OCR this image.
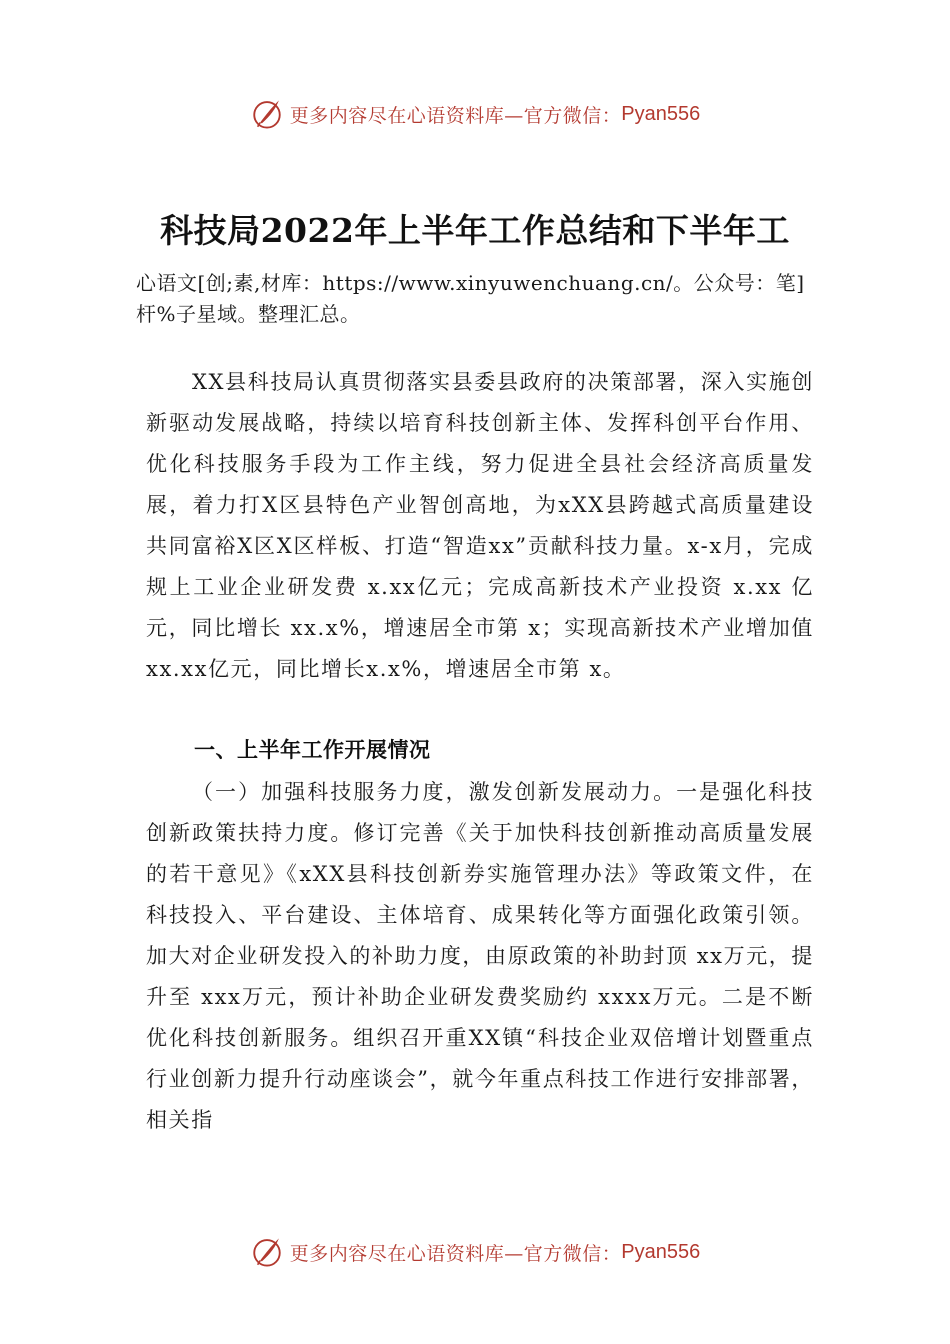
更多内容尽在心语资料库—官方微信： Pyan556
科技局2022年上半年工作总结和下半年工
心语文[创;素,材库：https://www.xinyuwenchuang.cn/。公众号：笔]杆%子星域。整理汇总。
XX县科技局认真贯彻落实县委县政府的决策部署，深入实施创新驱动发展战略，持续以培育科技创新主体、发挥科创平台作用、优化科技服务手段为工作主线，努力促进全县社会经济高质量发展，着力打X区县特色产业智创高地，为xXX县跨越式高质量建设共同富裕X区X区样板、打造“智造xx”贡献科技力量。x-x月，完成规上工业企业研发费 x.xx亿元；完成高新技术产业投资 x.xx 亿元，同比增长 xx.x%，增速居全市第 x；实现高新技术产业增加值 xx.xx亿元，同比增长x.x%，增速居全市第 x。
一、上半年工作开展情况
（一）加强科技服务力度，激发创新发展动力。一是强化科技创新政策扶持力度。修订完善《关于加快科技创新推动高质量发展的若干意见》《xXX县科技创新券实施管理办法》等政策文件，在科技投入、平台建设、主体培育、成果转化等方面强化政策引领。加大对企业研发投入的补助力度，由原政策的补助封顶 xx万元，提升至 xxx万元，预计补助企业研发费奖励约 xxxx万元。二是不断优化科技创新服务。组织召开重XX镇“科技企业双倍增计划暨重点行业创新力提升行动座谈会”，就今年重点科技工作进行安排部署，相关指
更多内容尽在心语资料库—官方微信： Pyan556
